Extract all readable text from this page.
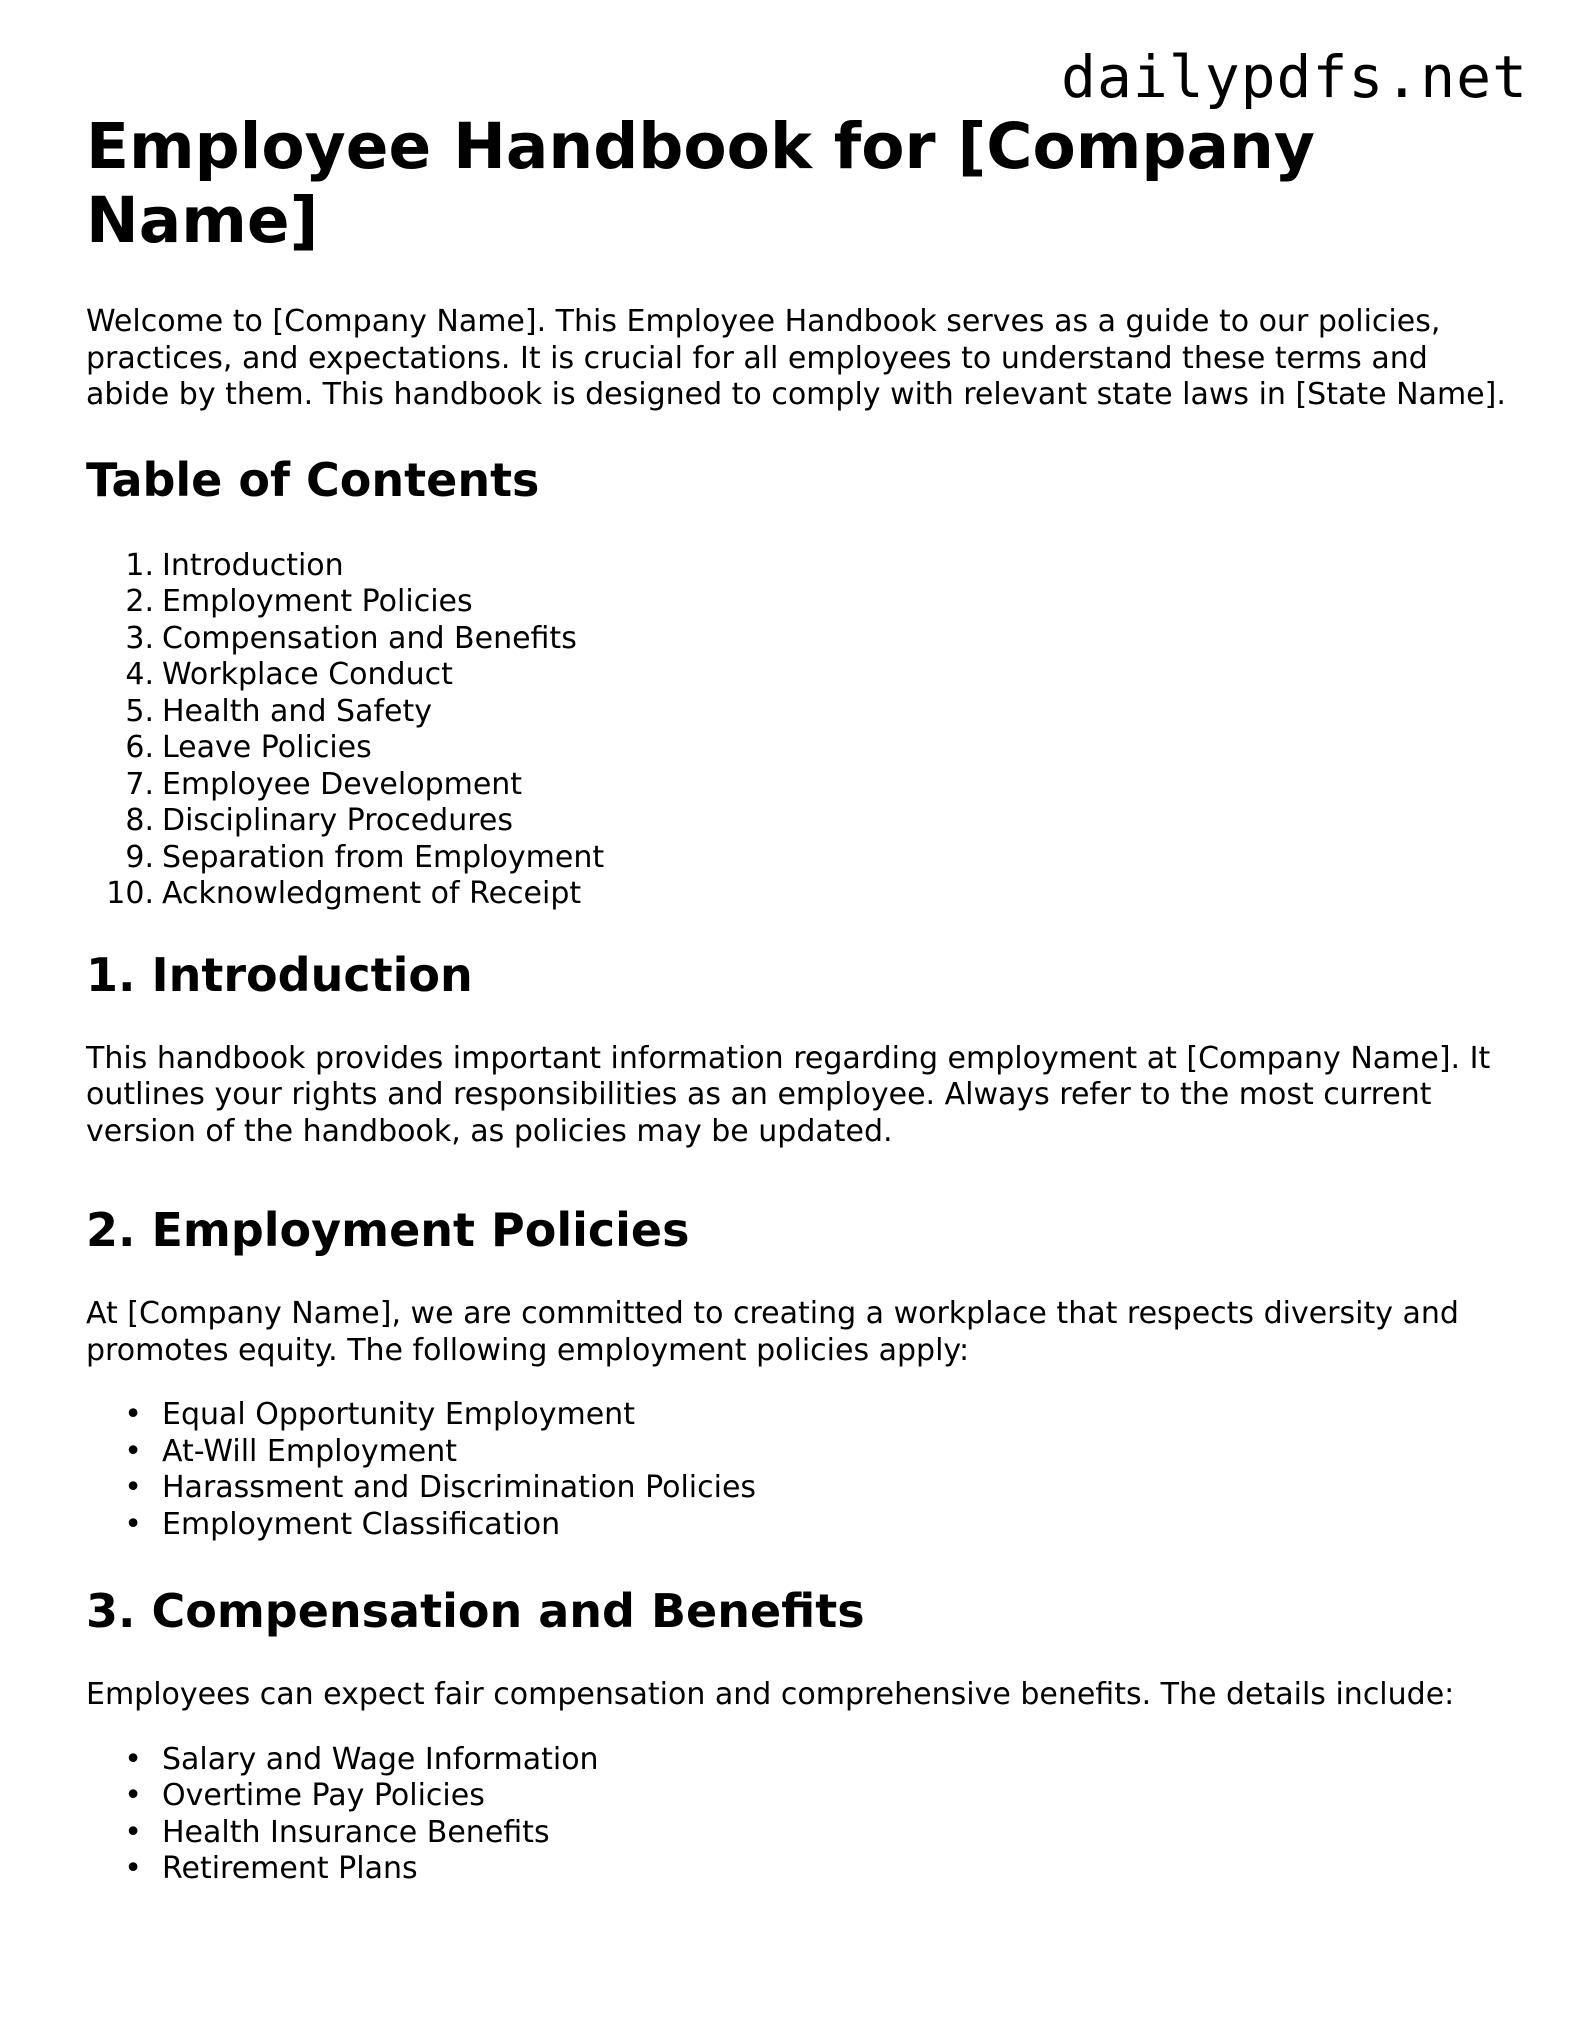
dailypdfs.net
Employee Handbook for [Company Name]

Welcome to [Company Name]. This Employee Handbook serves as a guide to our policies, practices, and expectations. It is crucial for all employees to understand these terms and abide by them. This handbook is designed to comply with relevant state laws in [State Name].

Table of Contents
1. Introduction
2. Employment Policies
3. Compensation and Benefits
4. Workplace Conduct
5. Health and Safety
6. Leave Policies
7. Employee Development
8. Disciplinary Procedures
9. Separation from Employment
10. Acknowledgment of Receipt
1. Introduction

This handbook provides important information regarding employment at [Company Name]. It outlines your rights and responsibilities as an employee. Always refer to the most current version of the handbook, as policies may be updated.

2. Employment Policies

At [Company Name], we are committed to creating a workplace that respects diversity and promotes equity. The following employment policies apply:

• Equal Opportunity Employment
• At-Will Employment
• Harassment and Discrimination Policies
• Employment Classification
3. Compensation and Benefits

Employees can expect fair compensation and comprehensive benefits. The details include:

• Salary and Wage Information
• Overtime Pay Policies
• Health Insurance Benefits
• Retirement Plans
